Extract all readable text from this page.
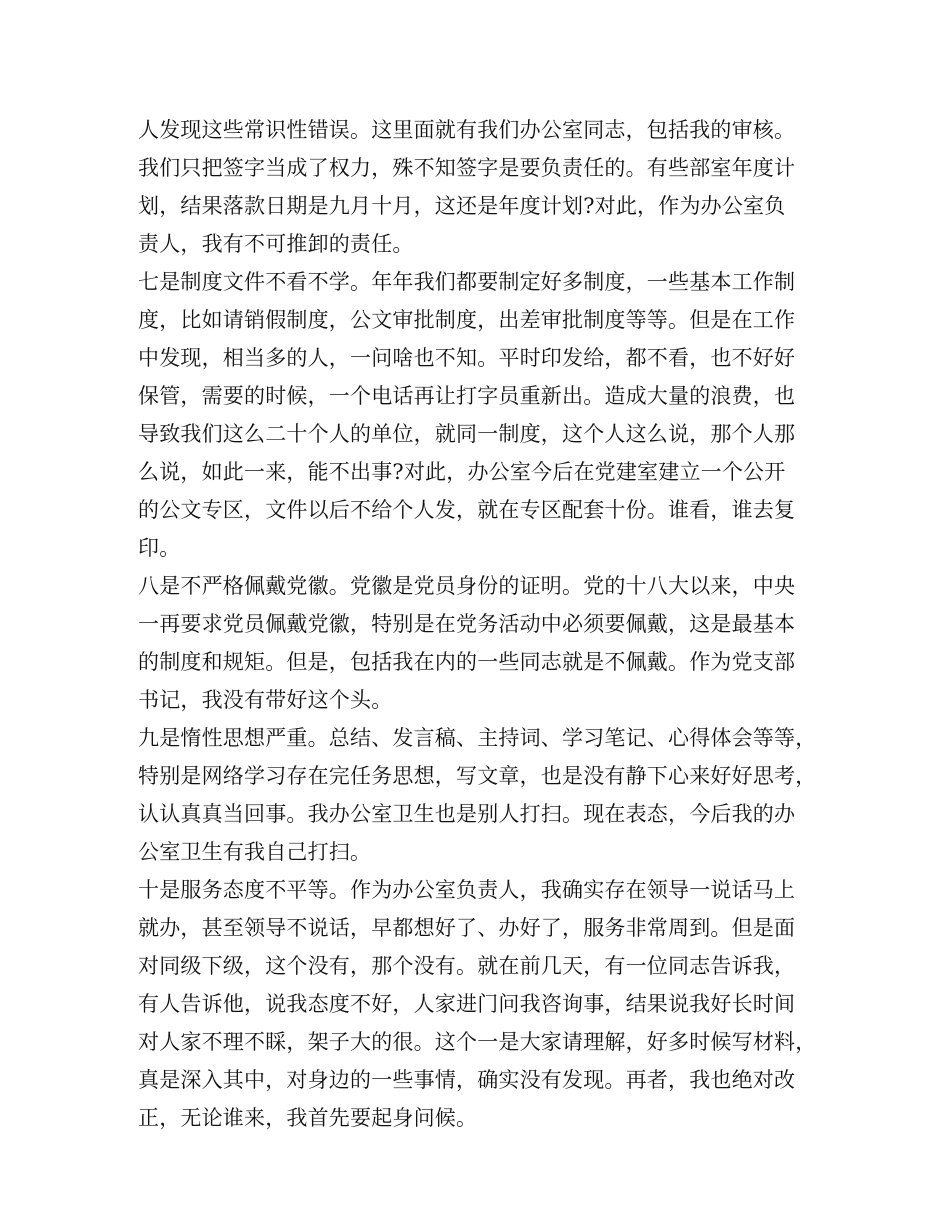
人发现这些常识性错误。这里面就有我们办公室同志，包括我的审核。
我们只把签字当成了权力，殊不知签字是要负责任的。有些部室年度计
划，结果落款日期是九月十月，这还是年度计划?对此，作为办公室负
责人，我有不可推卸的责任。
七是制度文件不看不学。年年我们都要制定好多制度，一些基本工作制
度，比如请销假制度，公文审批制度，出差审批制度等等。但是在工作
中发现，相当多的人，一问啥也不知。平时印发给，都不看，也不好好
保管，需要的时候，一个电话再让打字员重新出。造成大量的浪费，也
导致我们这么二十个人的单位，就同一制度，这个人这么说，那个人那
么说，如此一来，能不出事?对此，办公室今后在党建室建立一个公开
的公文专区，文件以后不给个人发，就在专区配套十份。谁看，谁去复
印。
八是不严格佩戴党徽。党徽是党员身份的证明。党的十八大以来，中央
一再要求党员佩戴党徽，特别是在党务活动中必须要佩戴，这是最基本
的制度和规矩。但是，包括我在内的一些同志就是不佩戴。作为党支部
书记，我没有带好这个头。
九是惰性思想严重。总结、发言稿、主持词、学习笔记、心得体会等等，
特别是网络学习存在完任务思想，写文章，也是没有静下心来好好思考，
认认真真当回事。我办公室卫生也是别人打扫。现在表态，今后我的办
公室卫生有我自己打扫。
十是服务态度不平等。作为办公室负责人，我确实存在领导一说话马上
就办，甚至领导不说话，早都想好了、办好了，服务非常周到。但是面
对同级下级，这个没有，那个没有。就在前几天，有一位同志告诉我，
有人告诉他，说我态度不好，人家进门问我咨询事，结果说我好长时间
对人家不理不睬，架子大的很。这个一是大家请理解，好多时候写材料，
真是深入其中，对身边的一些事情，确实没有发现。再者，我也绝对改
正，无论谁来，我首先要起身问候。
